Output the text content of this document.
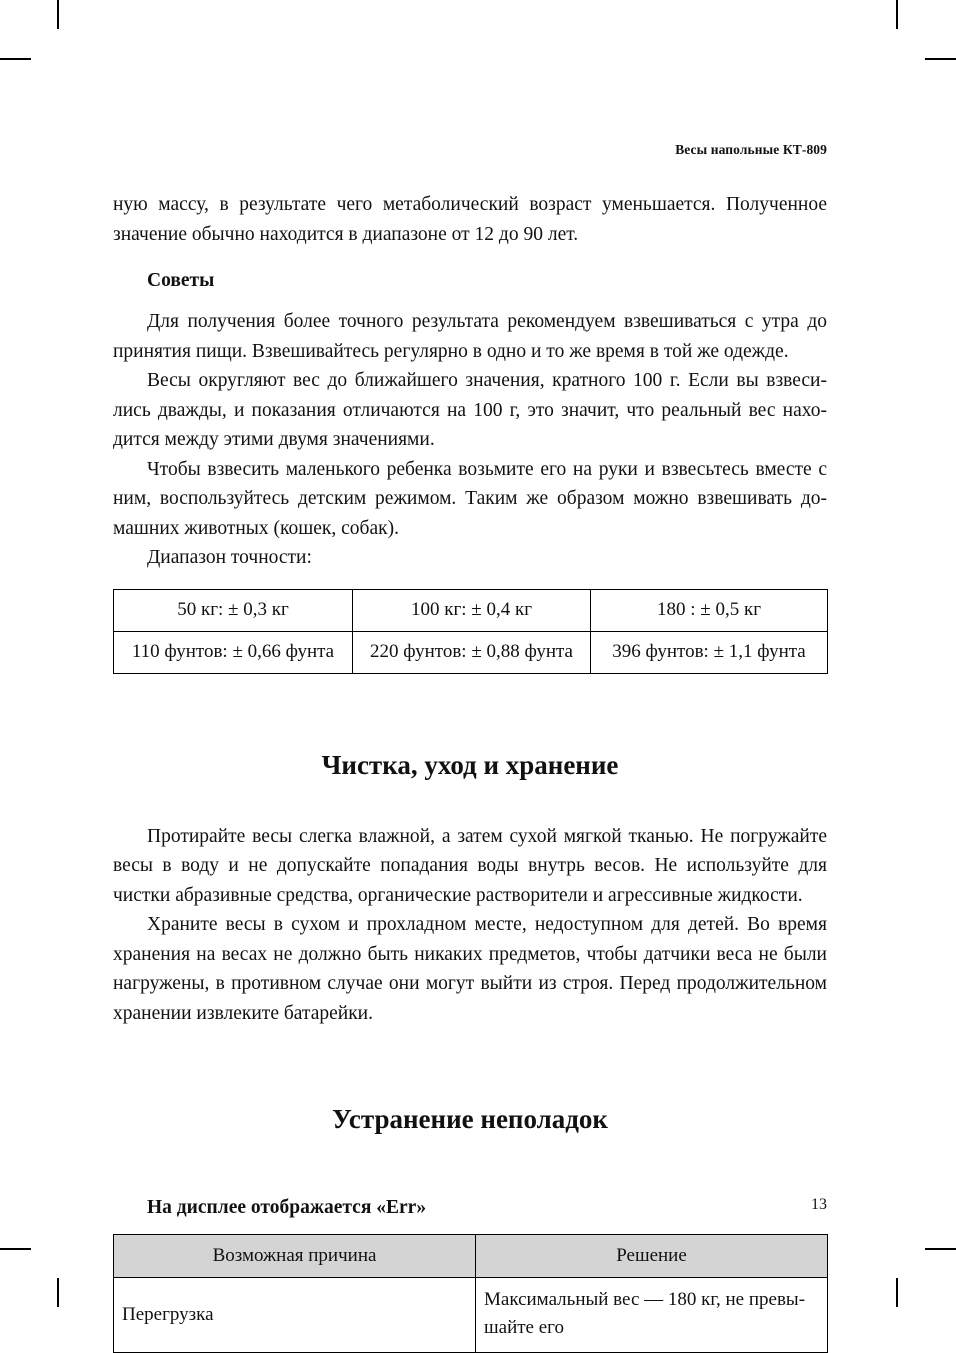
Весы напольные КТ-809

ную массу, в результате чего метаболический возраст уменьшается. Полученное значение обычно находится в диапазоне от 12 до 90 лет.

Советы

Для получения более точного результата рекомендуем взвешиваться с утра до принятия пищи. Взвешивайтесь регулярно в одно и то же время в той же одежде.

Весы округляют вес до ближайшего значения, кратного 100 г. Если вы взвесились дважды, и показания отличаются на 100 г, это значит, что реальный вес находится между этими двумя значениями.

Чтобы взвесить маленького ребенка возьмите его на руки и взвесьтесь вместе с ним, воспользуйтесь детским режимом. Таким же образом можно взвешивать домашних животных (кошек, собак).

Диапазон точности:

50 кг: ± 0,3 кг	100 кг: ± 0,4 кг	180 : ± 0,5 кг
110 фунтов: ± 0,66 фунта	220 фунтов: ± 0,88 фунта	396 фунтов: ± 1,1 фунта
Чистка, уход и хранение

Протирайте весы слегка влажной, а затем сухой мягкой тканью. Не погружайте весы в воду и не допускайте попадания воды внутрь весов. Не используйте для чистки абразивные средства, органические растворители и агрессивные жидкости.

Храните весы в сухом и прохладном месте, недоступном для детей. Во время хранения на весах не должно быть никаких предметов, чтобы датчики веса не были нагружены, в противном случае они могут выйти из строя. Перед продолжительном хранении извлеките батарейки.

Устранение неполадок
На дисплее отображается «Err»
Возможная причина	Решение
Перегрузка	Максимальный вес — 180 кг, не превышайте его
13
